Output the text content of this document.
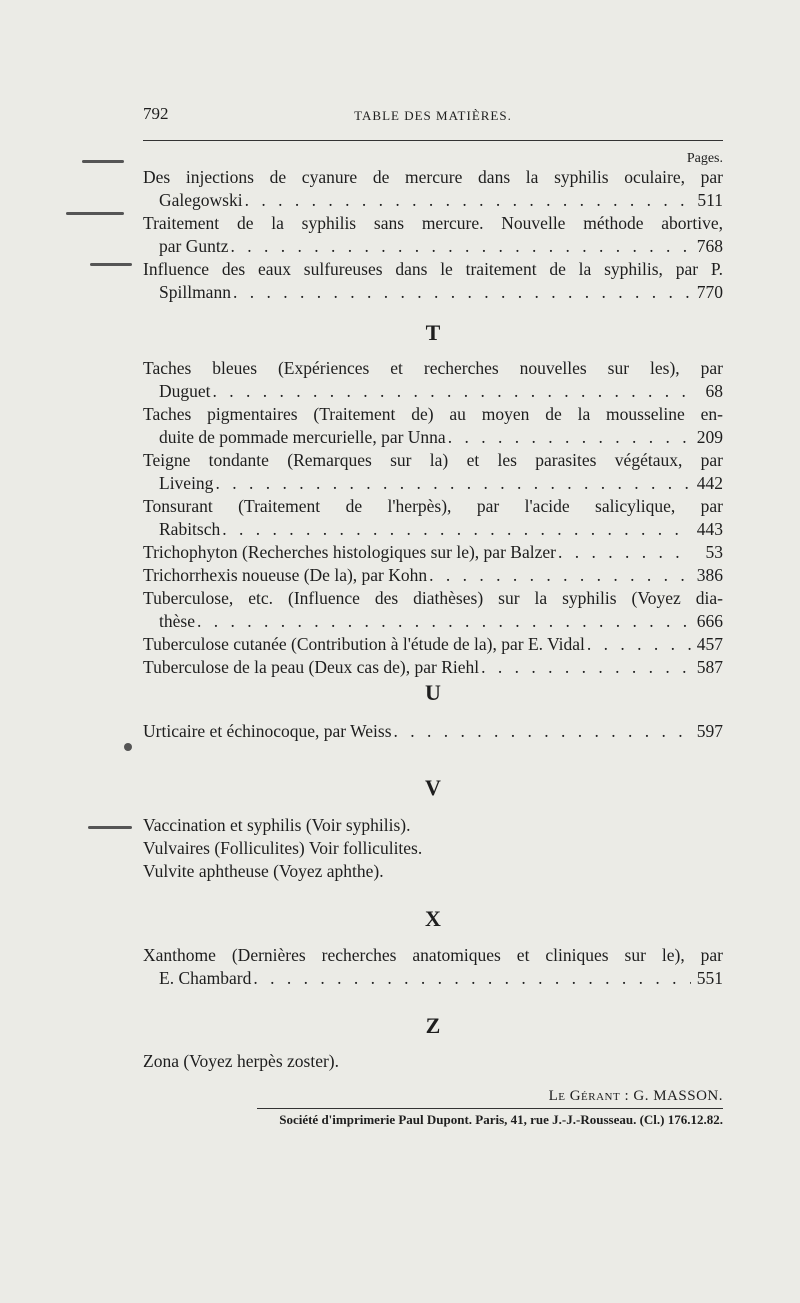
792	TABLE DES MATIÈRES.
Pages.
Des injections de cyanure de mercure dans la syphilis oculaire, par
Galegowski . . .	511
Traitement de la syphilis sans mercure. Nouvelle méthode abortive,
par Guntz . . .	768
Influence des eaux sulfureuses dans le traitement de la syphilis, par P.
Spillmann . . .	770
T
Taches bleues (Expériences et recherches nouvelles sur les), par
Duguet . . .	68
Taches pigmentaires (Traitement de) au moyen de la mousseline en-
duite de pommade mercurielle, par Unna . . .	209
Teigne tondante (Remarques sur la) et les parasites végétaux, par
Liveing . . .	442
Tonsurant (Traitement de l'herpès), par l'acide salicylique, par
Rabitsch . . .	443
Trichophyton (Recherches histologiques sur le), par Balzer . . .	53
Trichorrhexis noueuse (De la), par Kohn . . .	386
Tuberculose, etc. (Influence des diathèses) sur la syphilis (Voyez dia-
thèse . . .	666
Tuberculose cutanée (Contribution à l'étude de la), par E. Vidal . . .	457
Tuberculose de la peau (Deux cas de), par Riehl . . .	587
U
Urticaire et échinocoque, par Weiss . . .	597
V
Vaccination et syphilis (Voir syphilis).
Vulvaires (Folliculites) Voir folliculites.
Vulvite aphtheuse (Voyez aphthe).
X
Xanthome (Dernières recherches anatomiques et cliniques sur le), par
E. Chambard . . .	551
Z
Zona (Voyez herpès zoster).
Le Gérant : G. MASSON.
Société d'imprimerie Paul Dupont. Paris, 41, rue J.-J.-Rousseau. (Cl.) 176.12.82.
